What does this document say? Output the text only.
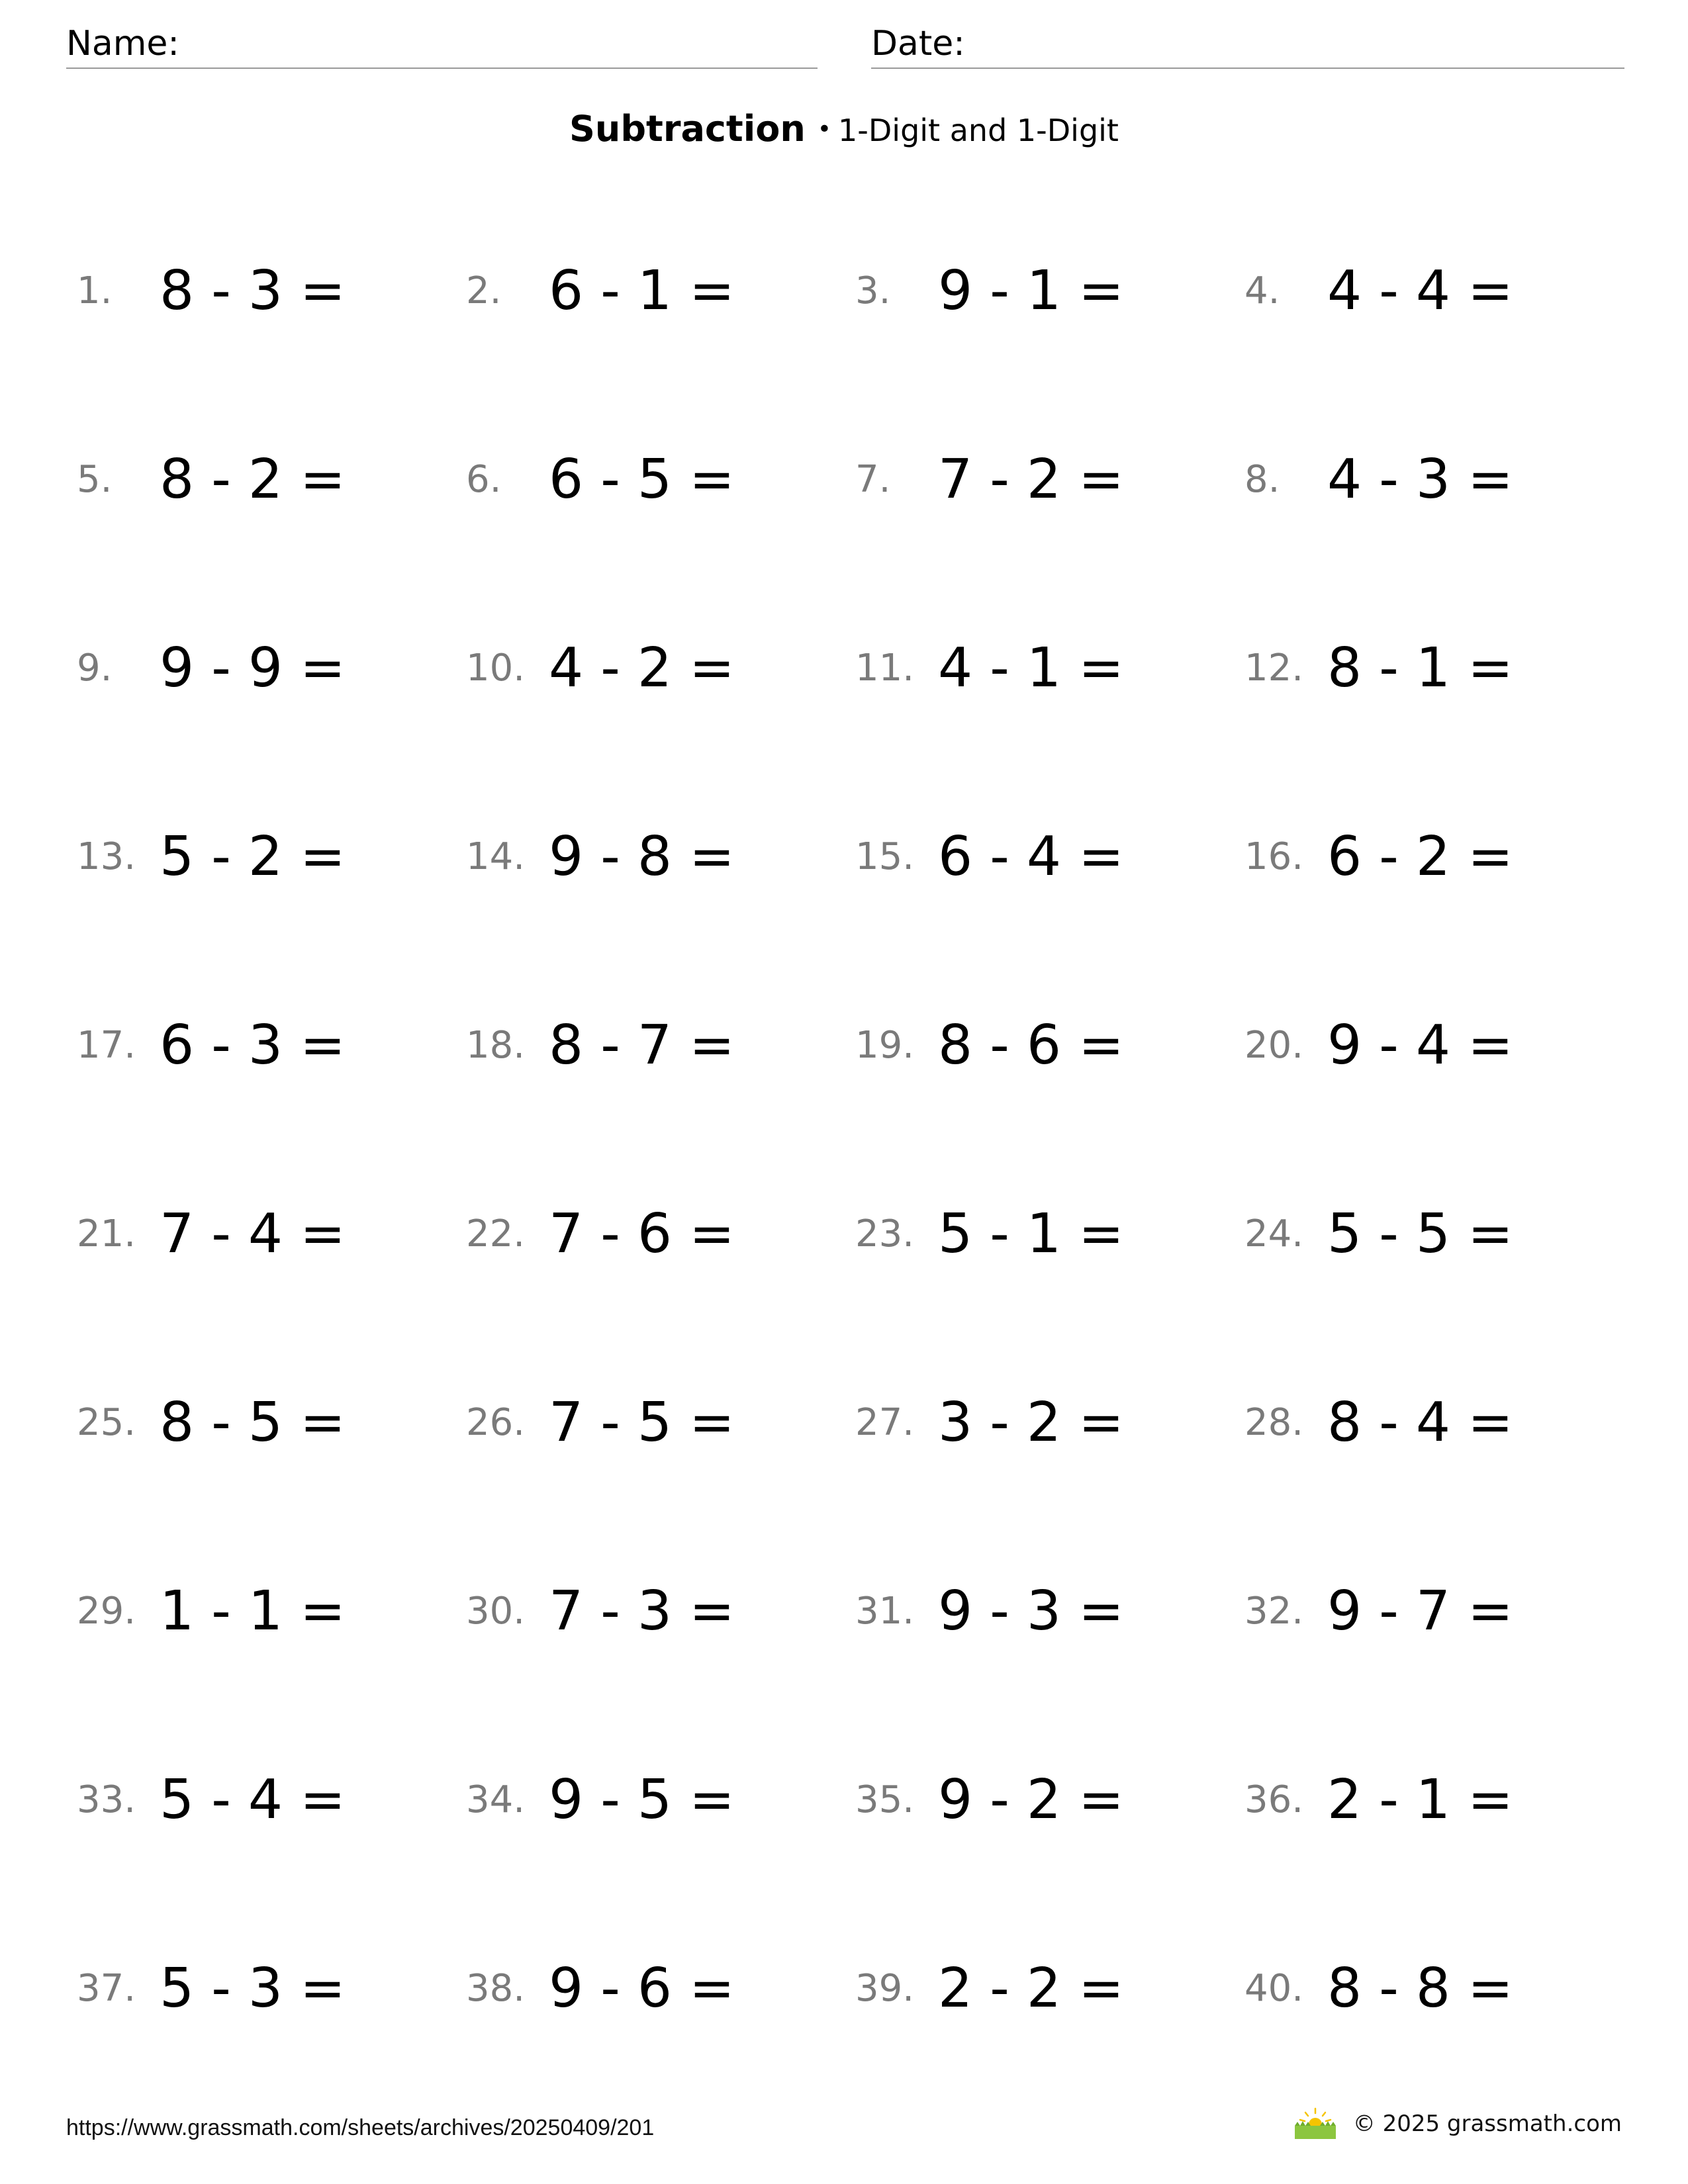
Name:	Date:
Subtraction • 1-Digit and 1-Digit
1. 8 - 3 =	2. 6 - 1 =	3. 9 - 1 =	4. 4 - 4 =
5. 8 - 2 =	6. 6 - 5 =	7. 7 - 2 =	8. 4 - 3 =
9. 9 - 9 =	10. 4 - 2 =	11. 4 - 1 =	12. 8 - 1 =
13. 5 - 2 =	14. 9 - 8 =	15. 6 - 4 =	16. 6 - 2 =
17. 6 - 3 =	18. 8 - 7 =	19. 8 - 6 =	20. 9 - 4 =
21. 7 - 4 =	22. 7 - 6 =	23. 5 - 1 =	24. 5 - 5 =
25. 8 - 5 =	26. 7 - 5 =	27. 3 - 2 =	28. 8 - 4 =
29. 1 - 1 =	30. 7 - 3 =	31. 9 - 3 =	32. 9 - 7 =
33. 5 - 4 =	34. 9 - 5 =	35. 9 - 2 =	36. 2 - 1 =
37. 5 - 3 =	38. 9 - 6 =	39. 2 - 2 =	40. 8 - 8 =
https://www.grassmath.com/sheets/archives/20250409/201	© 2025 grassmath.com
